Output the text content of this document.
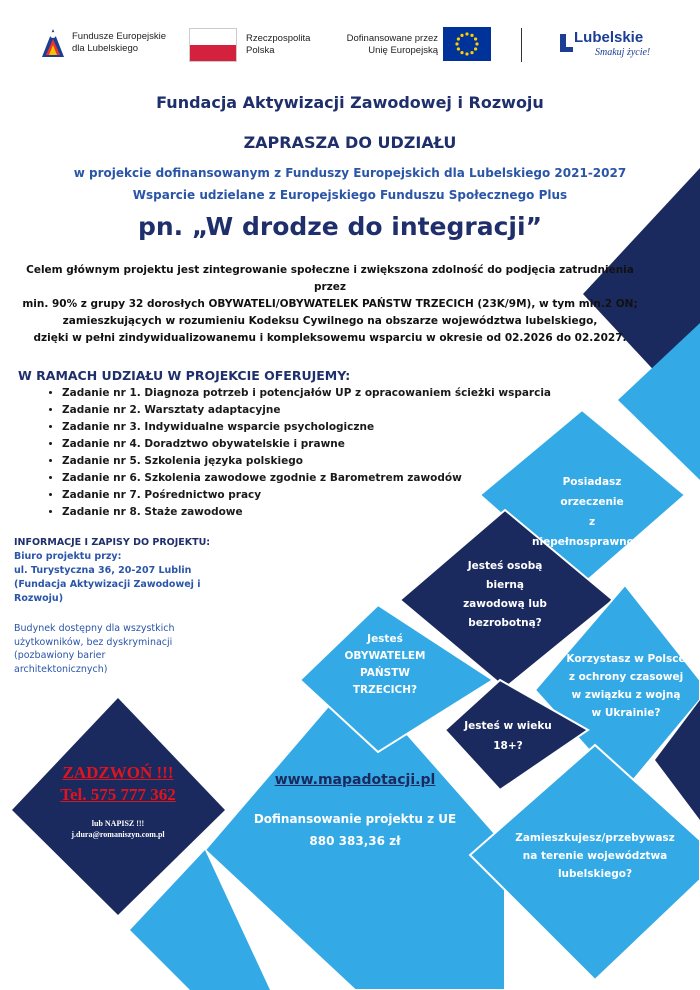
Fundusze Europejskie
dla Lubelskiego
Rzeczpospolita
Polska
Dofinansowane przez
Unię Europejską
Lubelskie
Smakuj życie!
Fundacja Aktywizacji Zawodowej i Rozwoju
ZAPRASZA DO UDZIAŁU
w projekcie dofinansowanym z Funduszy Europejskich dla Lubelskiego 2021-2027
Wsparcie udzielane z Europejskiego Funduszu Społecznego Plus
pn. „W drodze do integracji”
Celem głównym projektu jest zintegrowanie społeczne i zwiększona zdolność do podjęcia zatrudnienia przez
min. 90% z grupy 32 dorosłych OBYWATELI/OBYWATELEK PAŃSTW TRZECICH (23K/9M), w tym min.2 ON;
zamieszkujących w rozumieniu Kodeksu Cywilnego na obszarze województwa lubelskiego,
dzięki w pełni zindywidualizowanemu i kompleksowemu wsparciu w okresie od 02.2026 do 02.2027.
W RAMACH UDZIAŁU W PROJEKCIE OFERUJEMY:
• Zadanie nr 1. Diagnoza potrzeb i potencjałów UP z opracowaniem ścieżki wsparcia
• Zadanie nr 2. Warsztaty adaptacyjne
• Zadanie nr 3. Indywidualne wsparcie psychologiczne
• Zadanie nr 4. Doradztwo obywatelskie i prawne
• Zadanie nr 5. Szkolenia języka polskiego
• Zadanie nr 6. Szkolenia zawodowe zgodnie z Barometrem zawodów
• Zadanie nr 7. Pośrednictwo pracy
• Zadanie nr 8. Staże zawodowe
INFORMACJE I ZAPISY DO PROJEKTU:
Biuro projektu przy:
ul. Turystyczna 36, 20-207 Lublin
(Fundacja Aktywizacji Zawodowej i
Rozwoju)
Budynek dostępny dla wszystkich
użytkowników, bez dyskryminacji
(pozbawiony barier
architektonicznych)
ZADZWOŃ !!!
Tel. 575 777 362
lub NAPISZ !!!
j.dura@romaniszyn.com.pl
www.mapadotacji.pl
Dofinansowanie projektu z UE
880 383,36 zł
Posiadasz orzeczenie
z
niepełnosprawnością?
Jesteś osobą
bierną
zawodową lub
bezrobotną?
Jesteś
OBYWATELEM
PAŃSTW
TRZECICH?
Korzystasz w Polsce
z ochrony czasowej
w związku z wojną
w Ukrainie?
Jesteś w wieku
18+?
Zamieszkujesz/przebywasz
na terenie województwa
lubelskiego?
